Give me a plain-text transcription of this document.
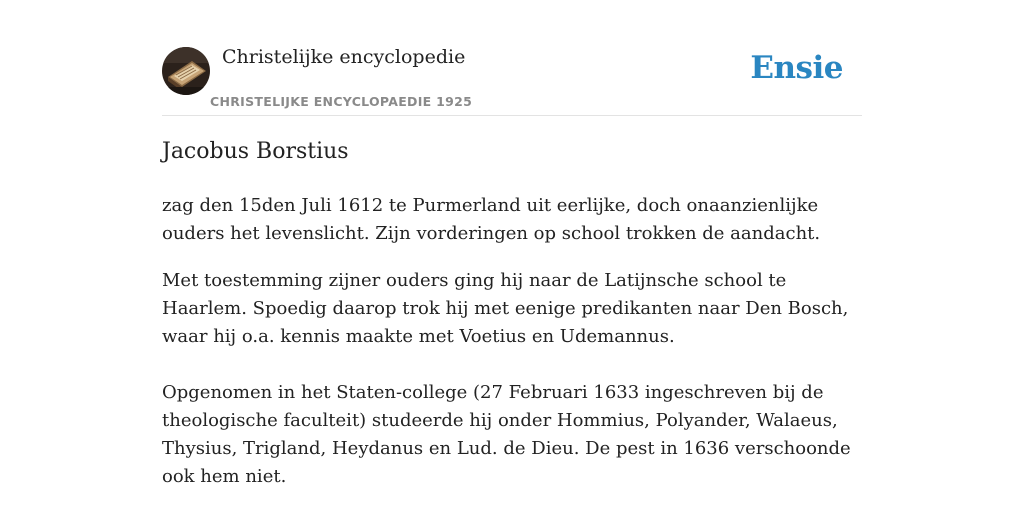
Christelijke encyclopedie
CHRISTELIJKE ENCYCLOPAEDIE 1925
Ensie
Jacobus Borstius

zag den 15den Juli 1612 te Purmerland uit eerlijke, doch onaanzienlijke ouders het levenslicht. Zijn vorderingen op school trokken de aandacht.

Met toestemming zijner ouders ging hij naar de Latijnsche school te Haarlem. Spoedig daarop trok hij met eenige predikanten naar Den Bosch, waar hij o.a. kennis maakte met Voetius en Udemannus.

Opgenomen in het Staten-college (27 Februari 1633 ingeschreven bij de theologische faculteit) studeerde hij onder Hommius, Polyander, Walaeus, Thysius, Trigland, Heydanus en Lud. de Dieu. De pest in 1636 verschoonde ook hem niet.
